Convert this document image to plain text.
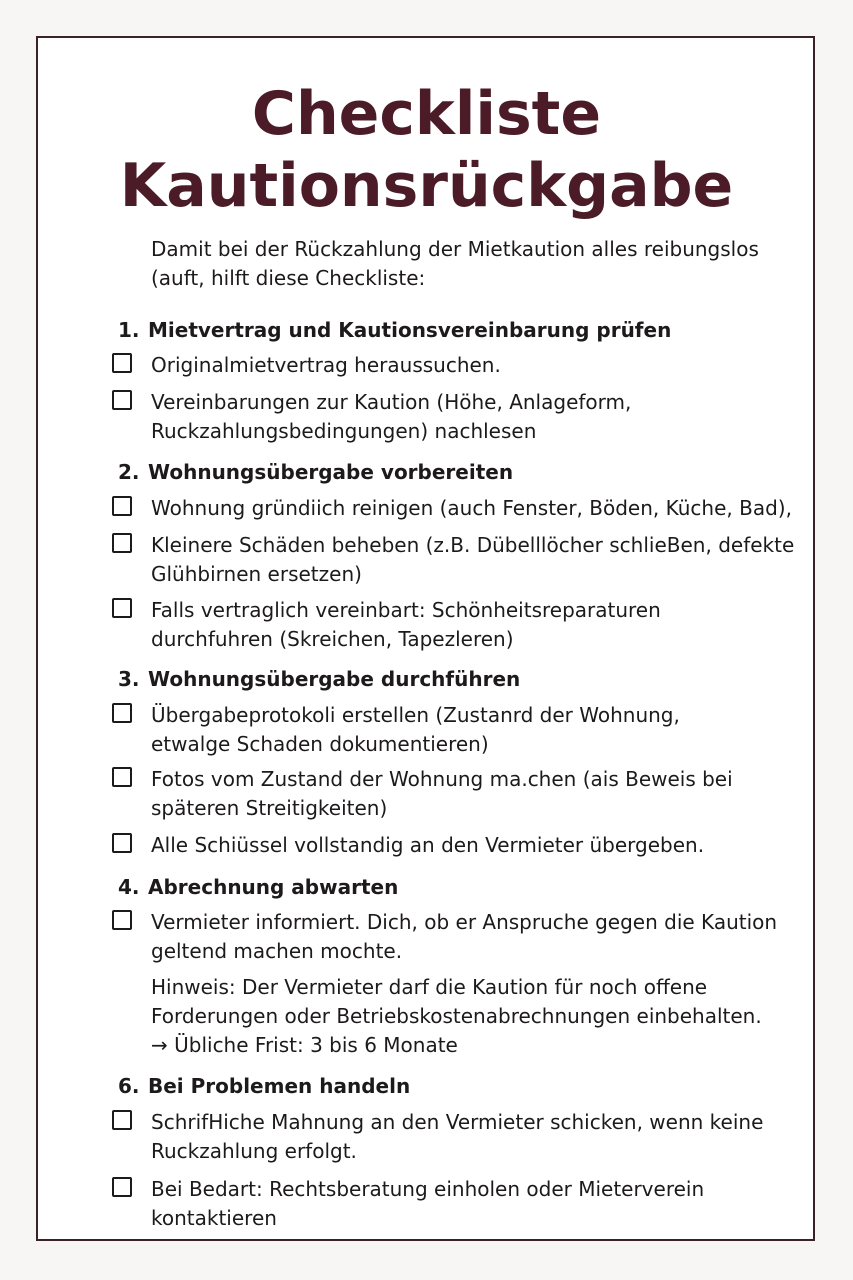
Checkliste
Kautionsrückgabe

Damit bei der Rückzahlung der Mietkaution alles reibungslos (auft, hilft diese Checkliste:

1. Mietvertrag und Kautionsvereinbarung prüfen

Originalmietvertrag heraussuchen.

Vereinbarungen zur Kaution (Höhe, Anlageform, Ruckzahlungsbedingungen) nachlesen

2. Wohnungsübergabe vorbereiten

Wohnung gründiich reinigen (auch Fenster, Böden, Küche, Bad),

Kleinere Schäden beheben (z.B. Dübelllöcher schlieBen, defekte Glühbirnen ersetzen)

Falls vertraglich vereinbart: Schönheitsreparaturen durchfuhren (Skreichen, Tapezleren)

3. Wohnungsübergabe durchführen

Übergabeprotokoli erstellen (Zustanrd der Wohnung, etwalge Schaden dokumentieren)

Fotos vom Zustand der Wohnung ma.chen (ais Beweis bei späteren Streitigkeiten)

Alle Schiüssel vollstandig an den Vermieter übergeben.

4. Abrechnung abwarten

Vermieter informiert. Dich, ob er Anspruche gegen die Kaution geltend machen mochte.

Hinweis: Der Vermieter darf die Kaution für noch offene
Forderungen oder Betriebskostenabrechnungen einbehalten.
→ Übliche Frist: 3 bis 6 Monate
6. Bei Problemen handeln

SchrifHiche Mahnung an den Vermieter schicken, wenn keine Ruckzahlung erfolgt.

Bei Bedart: Rechtsberatung einholen oder Mieterverein kontaktieren
